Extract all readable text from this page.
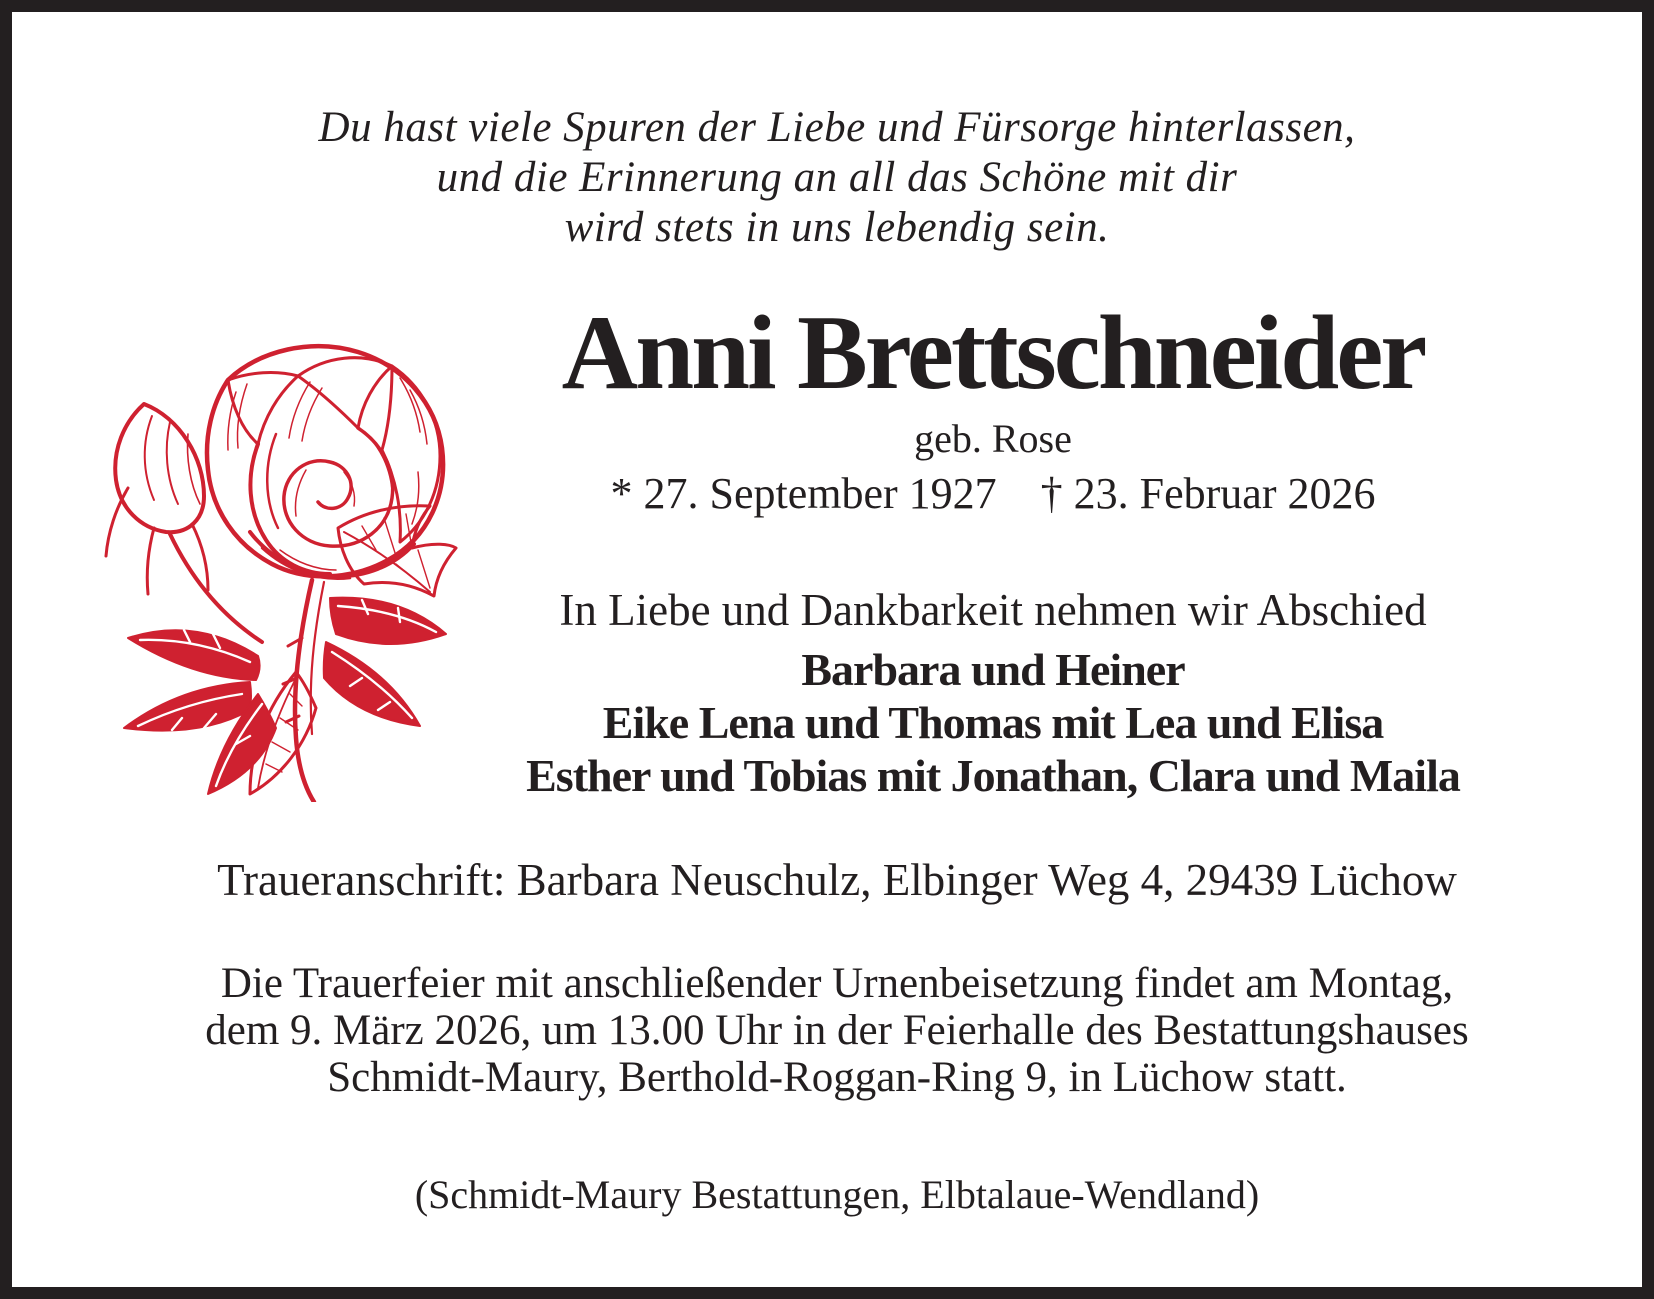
Du hast viele Spuren der Liebe und Fürsorge hinterlassen,
und die Erinnerung an all das Schöne mit dir
wird stets in uns lebendig sein.
Anni Brettschneider
geb. Rose
* 27. September 1927 † 23. Februar 2026
In Liebe und Dankbarkeit nehmen wir Abschied
Barbara und Heiner
Eike Lena und Thomas mit Lea und Elisa
Esther und Tobias mit Jonathan, Clara und Maila
Traueranschrift: Barbara Neuschulz, Elbinger Weg 4, 29439 Lüchow
Die Trauerfeier mit anschließender Urnenbeisetzung findet am Montag,
dem 9. März 2026, um 13.00 Uhr in der Feierhalle des Bestattungshauses
Schmidt-Maury, Berthold-Roggan-Ring 9, in Lüchow statt.
(Schmidt-Maury Bestattungen, Elbtalaue-Wendland)
